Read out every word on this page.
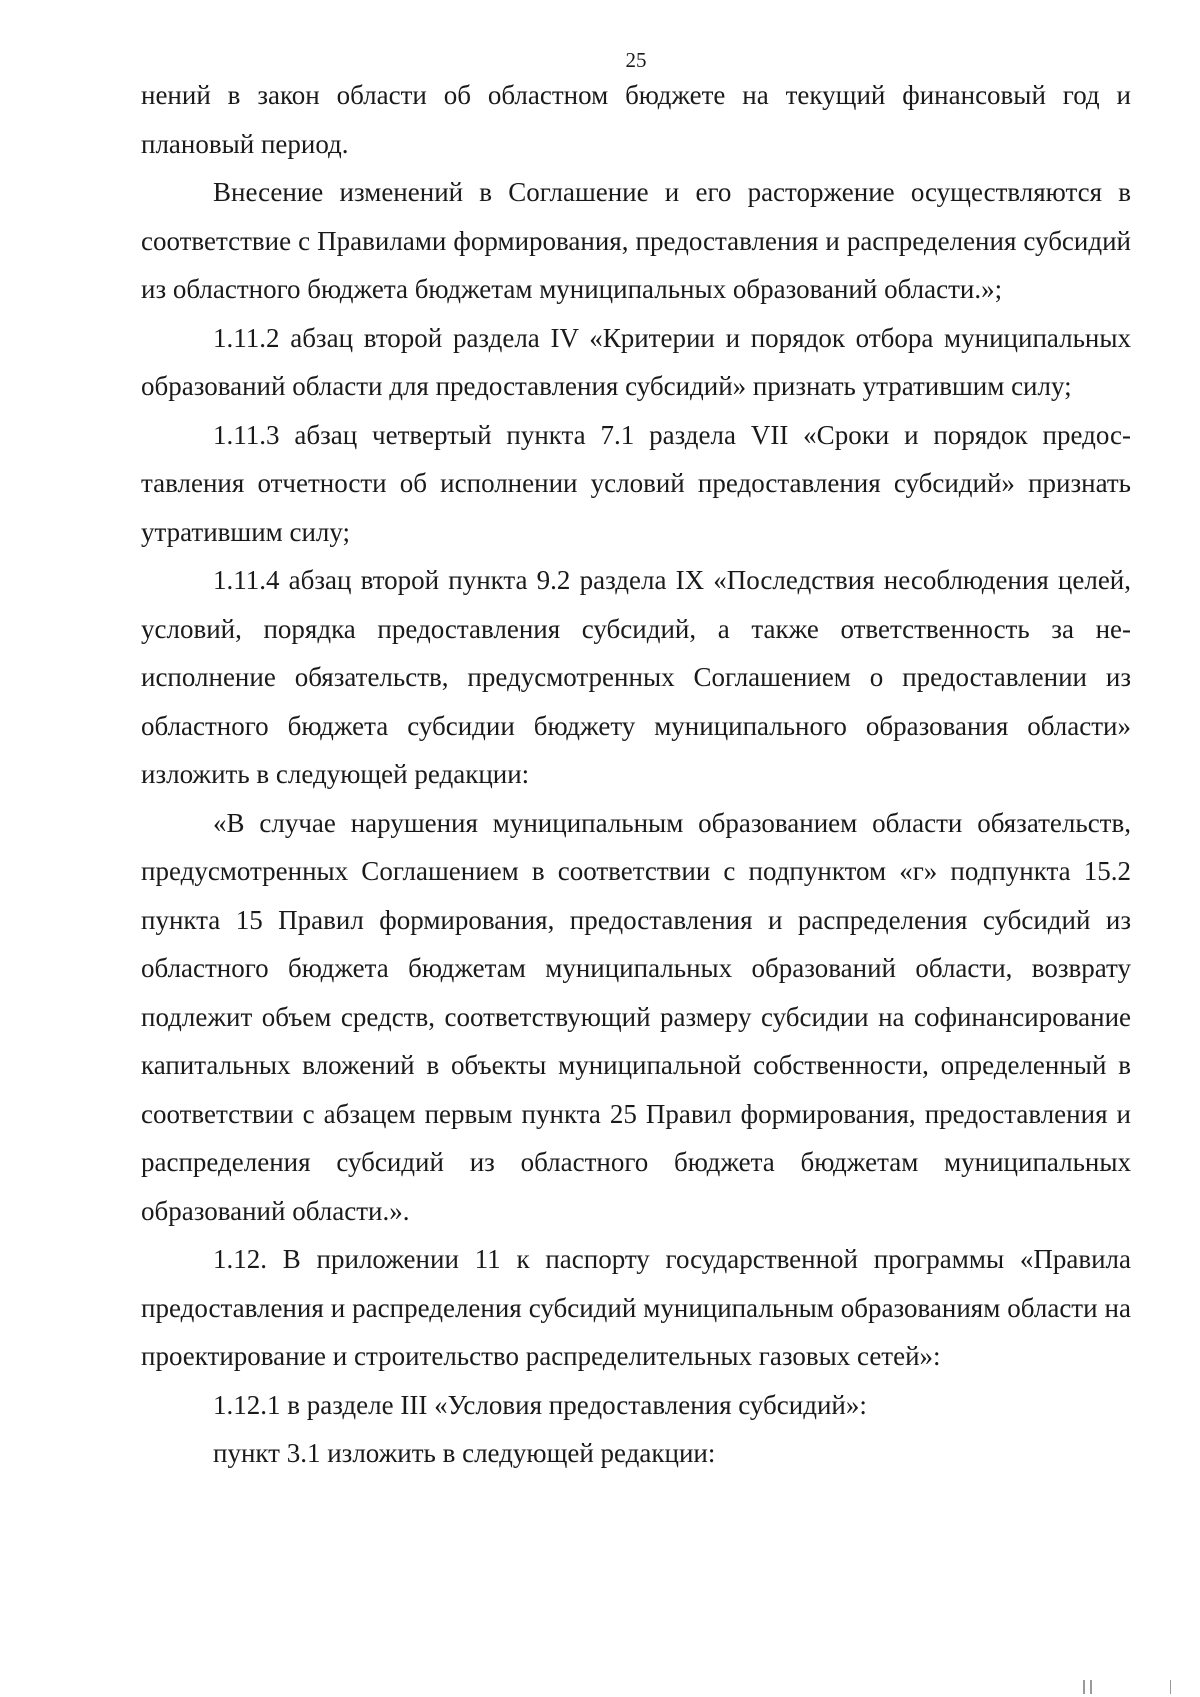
25

нений в закон области об областном бюджете на текущий финансовый год и плановый период.

Внесение изменений в Соглашение и его расторжение осуществляются в соответствие с Правилами формирования, предоставления и распределения субсидий из областного бюджета бюджетам муниципальных образований области.»;

1.11.2 абзац второй раздела IV «Критерии и порядок отбора муниципальных образований области для предоставления субсидий» признать утратившим силу;

1.11.3 абзац четвертый пункта 7.1 раздела VII «Сроки и порядок предоставления отчетности об исполнении условий предоставления субсидий» признать утратившим силу;

1.11.4 абзац второй пункта 9.2 раздела IX «Последствия несоблюдения целей, условий, порядка предоставления субсидий, а также ответственность за неисполнение обязательств, предусмотренных Соглашением о предоставлении из областного бюджета субсидии бюджету муниципального образования области» изложить в следующей редакции:

«В случае нарушения муниципальным образованием области обязательств, предусмотренных Соглашением в соответствии с подпунктом «г» подпункта 15.2 пункта 15 Правил формирования, предоставления и распределения субсидий из областного бюджета бюджетам муниципальных образований области, возврату подлежит объем средств, соответствующий размеру субсидии на софинансирование капитальных вложений в объекты муниципальной собственности, определенный в соответствии с абзацем первым пункта 25 Правил формирования, предоставления и распределения субсидий из областного бюджета бюджетам муниципальных образований области.».

1.12. В приложении 11 к паспорту государственной программы «Правила предоставления и распределения субсидий муниципальным образованиям области на проектирование и строительство распределительных газовых сетей»:

1.12.1 в разделе III «Условия предоставления субсидий»:

пункт 3.1 изложить в следующей редакции:
